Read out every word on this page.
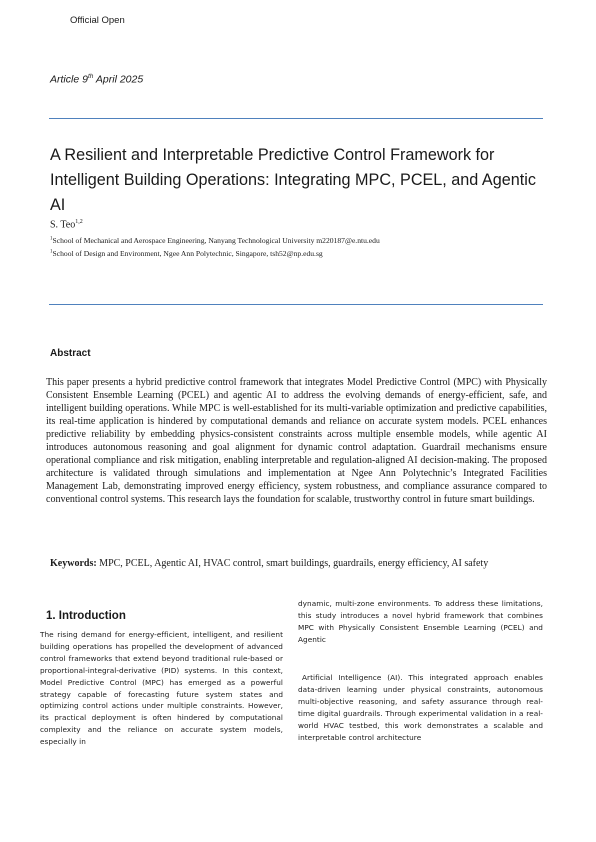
Official Open
Article 9th April 2025
A Resilient and Interpretable Predictive Control Framework for Intelligent Building Operations: Integrating MPC, PCEL, and Agentic AI
S. Teo$^{1,2}$
$^1$School of Mechanical and Aerospace Engineering, Nanyang Technological University m220187@e.ntu.edu
$^1$School of Design and Environment, Ngee Ann Polytechnic, Singapore, tsh52@np.edu.sg
Abstract
This paper presents a hybrid predictive control framework that integrates Model Predictive Control (MPC) with Physically Consistent Ensemble Learning (PCEL) and agentic AI to address the evolving demands of energy-efficient, safe, and intelligent building operations. While MPC is well-established for its multi-variable optimization and predictive capabilities, its real-time application is hindered by computational demands and reliance on accurate system models. PCEL enhances predictive reliability by embedding physics-consistent constraints across multiple ensemble models, while agentic AI introduces autonomous reasoning and goal alignment for dynamic control adaptation. Guardrail mechanisms ensure operational compliance and risk mitigation, enabling interpretable and regulation-aligned AI decision-making. The proposed architecture is validated through simulations and implementation at Ngee Ann Polytechnic’s Integrated Facilities Management Lab, demonstrating improved energy efficiency, system robustness, and compliance assurance compared to conventional control systems. This research lays the foundation for scalable, trustworthy control in future smart buildings.
Keywords: MPC, PCEL, Agentic AI, HVAC control, smart buildings, guardrails, energy efficiency, AI safety
1. Introduction
The rising demand for energy-efficient, intelligent, and resilient building operations has propelled the development of advanced control frameworks that extend beyond traditional rule-based or proportional-integral-derivative (PID) systems. In this context, Model Predictive Control (MPC) has emerged as a powerful strategy capable of forecasting future system states and optimizing control actions under multiple constraints. However, its practical deployment is often hindered by computational complexity and the reliance on accurate system models, especially in
dynamic, multi-zone environments. To address these limitations, this study introduces a novel hybrid framework that combines MPC with Physically Consistent Ensemble Learning (PCEL) and Agentic
Artificial Intelligence (AI). This integrated approach enables data-driven learning under physical constraints, autonomous multi-objective reasoning, and safety assurance through real-time digital guardrails. Through experimental validation in a real-world HVAC testbed, this work demonstrates a scalable and interpretable control architecture
